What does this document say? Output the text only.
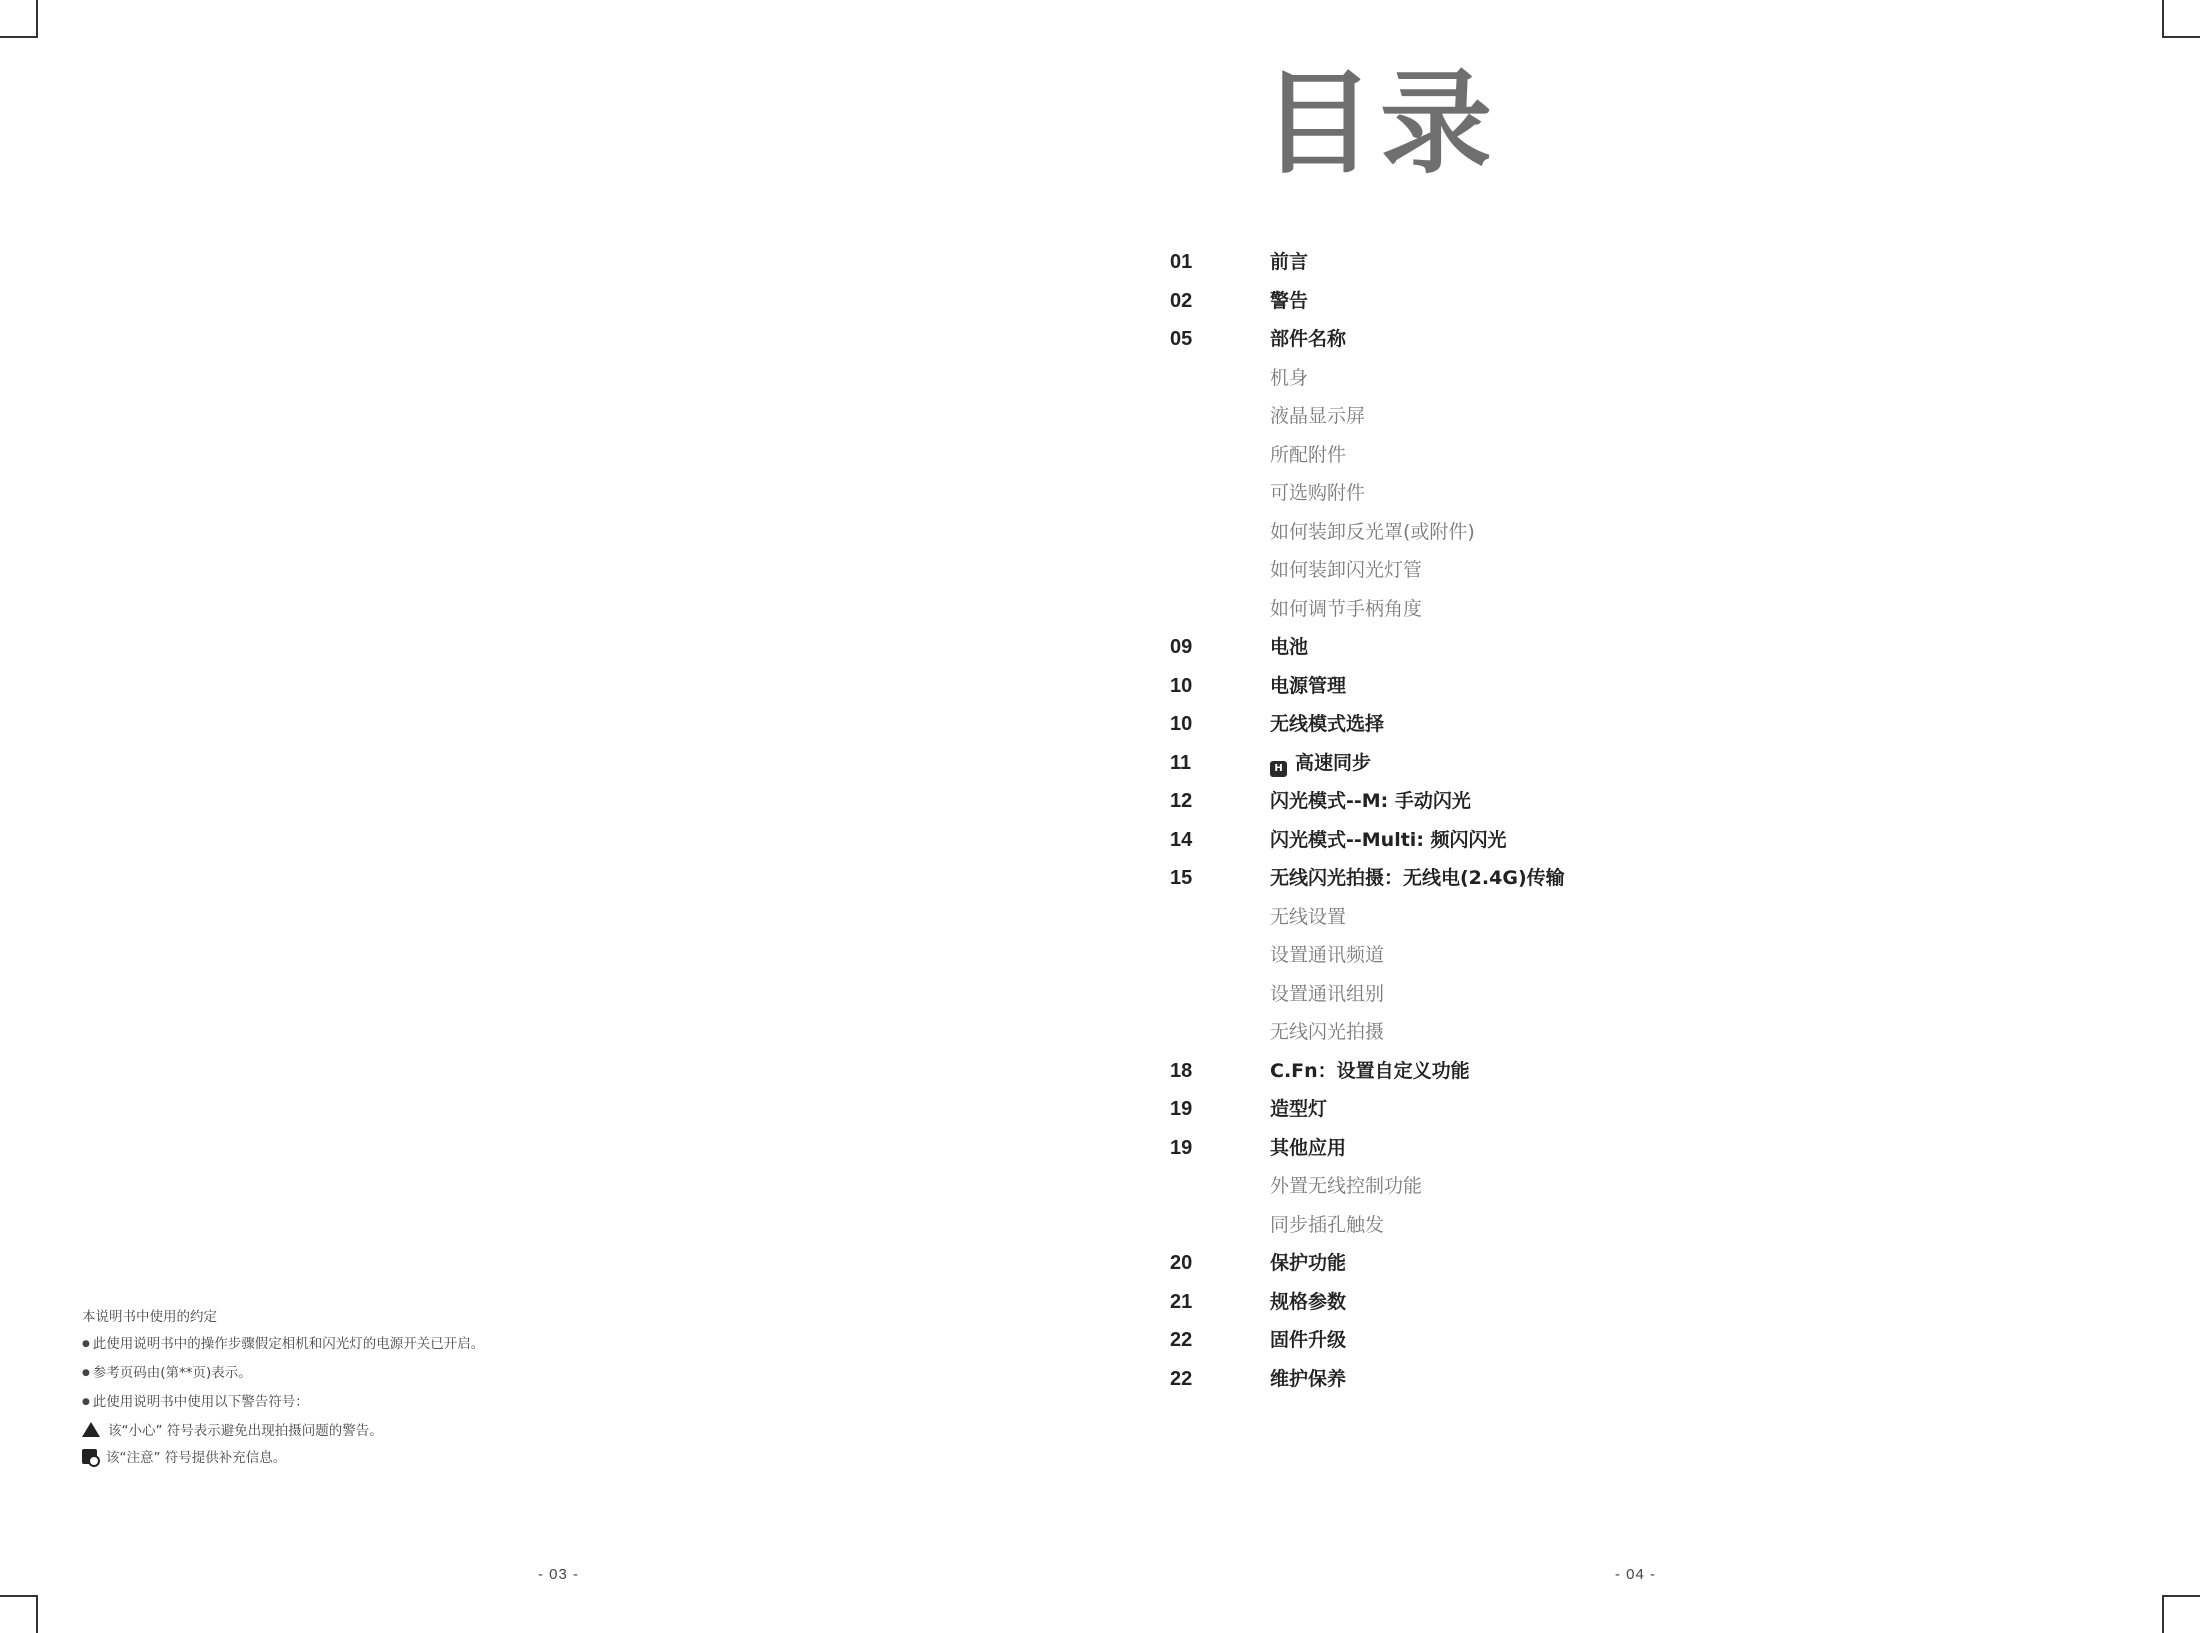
目录
01	前言
02	警告
05	部件名称
机身
液晶显示屏
所配附件
可选购附件
如何装卸反光罩(或附件)
如何装卸闪光灯管
如何调节手柄角度
09	电池
10	电源管理
10	无线模式选择
11	H 高速同步
12	闪光模式--M: 手动闪光
14	闪光模式--Multi: 频闪闪光
15	无线闪光拍摄：无线电(2.4G)传输
无线设置
设置通讯频道
设置通讯组别
无线闪光拍摄
18	C.Fn：设置自定义功能
19	造型灯
19	其他应用
外置无线控制功能
同步插孔触发
20	保护功能
21	规格参数
22	固件升级
22	维护保养
本说明书中使用的约定
● 此使用说明书中的操作步骤假定相机和闪光灯的电源开关已开启。
● 参考页码由(第**页)表示。
● 此使用说明书中使用以下警告符号：
该“小心” 符号表示避免出现拍摄问题的警告。
该“注意” 符号提供补充信息。
- 03 -	- 04 -
